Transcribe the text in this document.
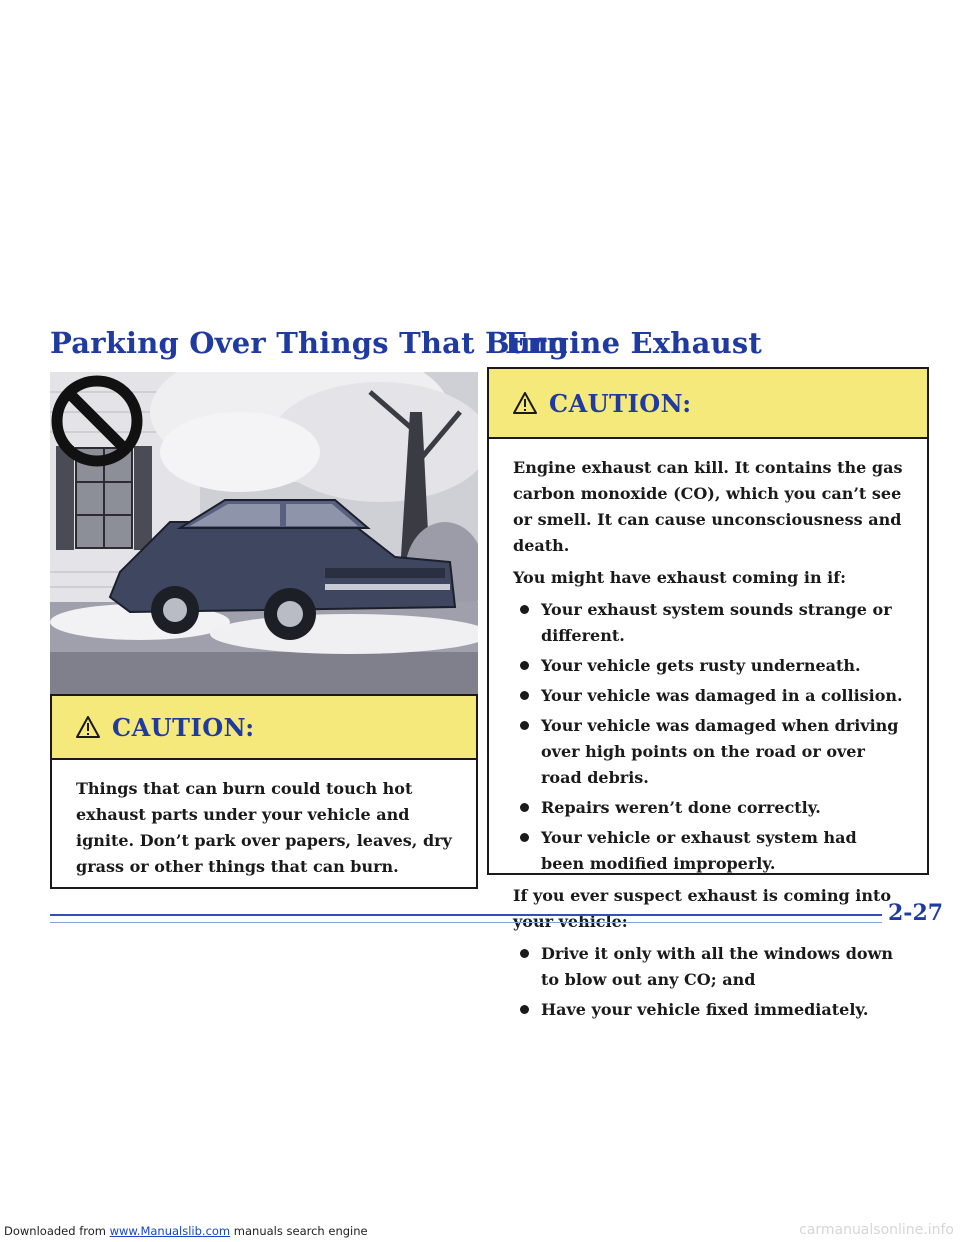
Parking Over Things That Burn
Engine Exhaust
CAUTION:

Things that can burn could touch hot exhaust parts under your vehicle and ignite. Don’t park over papers, leaves, dry grass or other things that can burn.

CAUTION:

Engine exhaust can kill. It contains the gas carbon monoxide (CO), which you can’t see or smell. It can cause unconsciousness and death.

You might have exhaust coming in if:

Your exhaust system sounds strange or different.
Your vehicle gets rusty underneath.
Your vehicle was damaged in a collision.
Your vehicle was damaged when driving over high points on the road or over road debris.
Repairs weren’t done correctly.
Your vehicle or exhaust system had been modified improperly.

If you ever suspect exhaust is coming into your vehicle:

Drive it only with all the windows down to blow out any CO; and
Have your vehicle fixed immediately.
2-27
Downloaded from www.Manualslib.com manuals search engine	carmanualsonline.info
